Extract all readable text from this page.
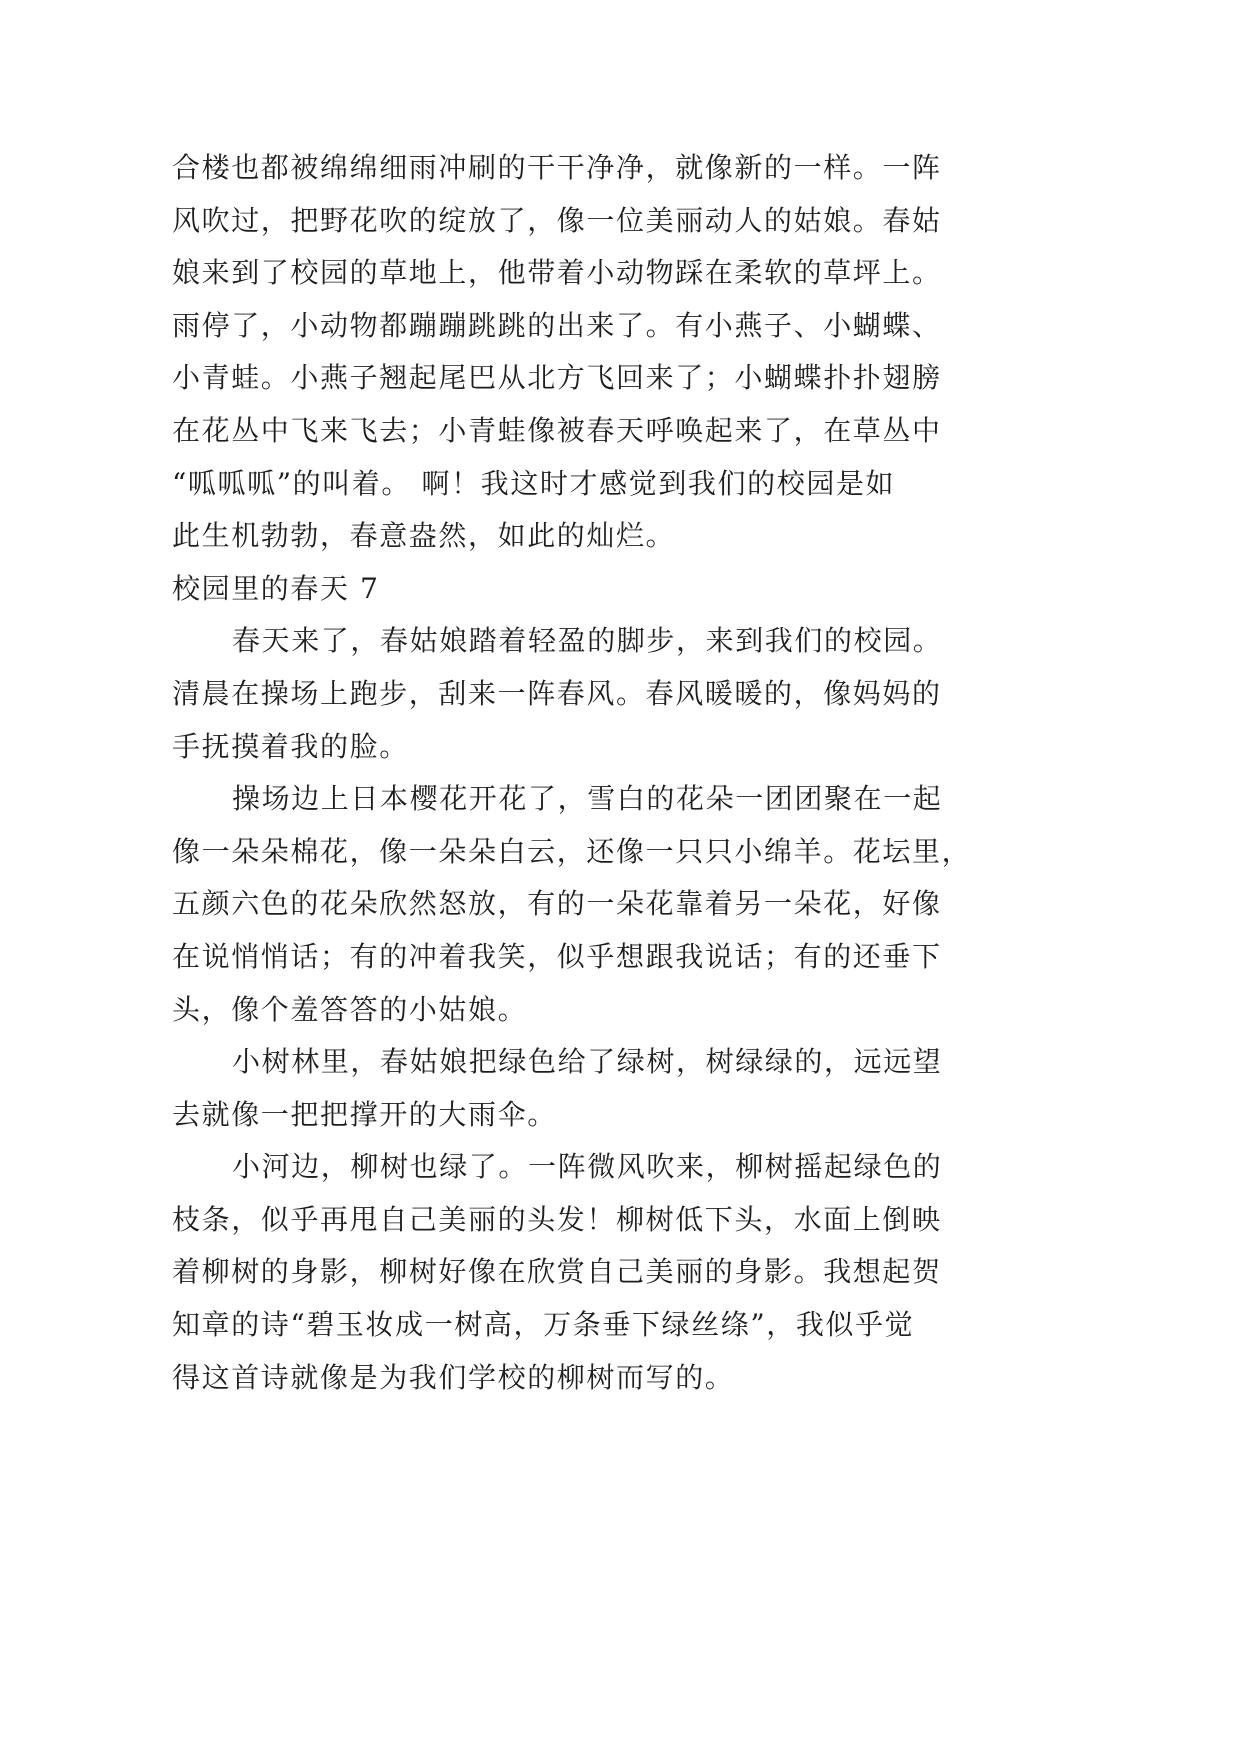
合楼也都被绵绵细雨冲刷的干干净净，就像新的一样。一阵
风吹过，把野花吹的绽放了，像一位美丽动人的姑娘。春姑
娘来到了校园的草地上，他带着小动物踩在柔软的草坪上。
雨停了，小动物都蹦蹦跳跳的出来了。有小燕子、小蝴蝶、
小青蛙。小燕子翘起尾巴从北方飞回来了；小蝴蝶扑扑翅膀
在花丛中飞来飞去；小青蛙像被春天呼唤起来了，在草丛中
“呱呱呱”的叫着。 啊！我这时才感觉到我们的校园是如
此生机勃勃，春意盎然，如此的灿烂。
校园里的春天 7
春天来了，春姑娘踏着轻盈的脚步，来到我们的校园。
清晨在操场上跑步，刮来一阵春风。春风暖暖的，像妈妈的
手抚摸着我的脸。
操场边上日本樱花开花了，雪白的花朵一团团聚在一起
像一朵朵棉花，像一朵朵白云，还像一只只小绵羊。花坛里，
五颜六色的花朵欣然怒放，有的一朵花靠着另一朵花，好像
在说悄悄话；有的冲着我笑，似乎想跟我说话；有的还垂下
头，像个羞答答的小姑娘。
小树林里，春姑娘把绿色给了绿树，树绿绿的，远远望
去就像一把把撑开的大雨伞。
小河边，柳树也绿了。一阵微风吹来，柳树摇起绿色的
枝条，似乎再甩自己美丽的头发！柳树低下头，水面上倒映
着柳树的身影，柳树好像在欣赏自己美丽的身影。我想起贺
知章的诗“碧玉妆成一树高，万条垂下绿丝绦”，我似乎觉
得这首诗就像是为我们学校的柳树而写的。
